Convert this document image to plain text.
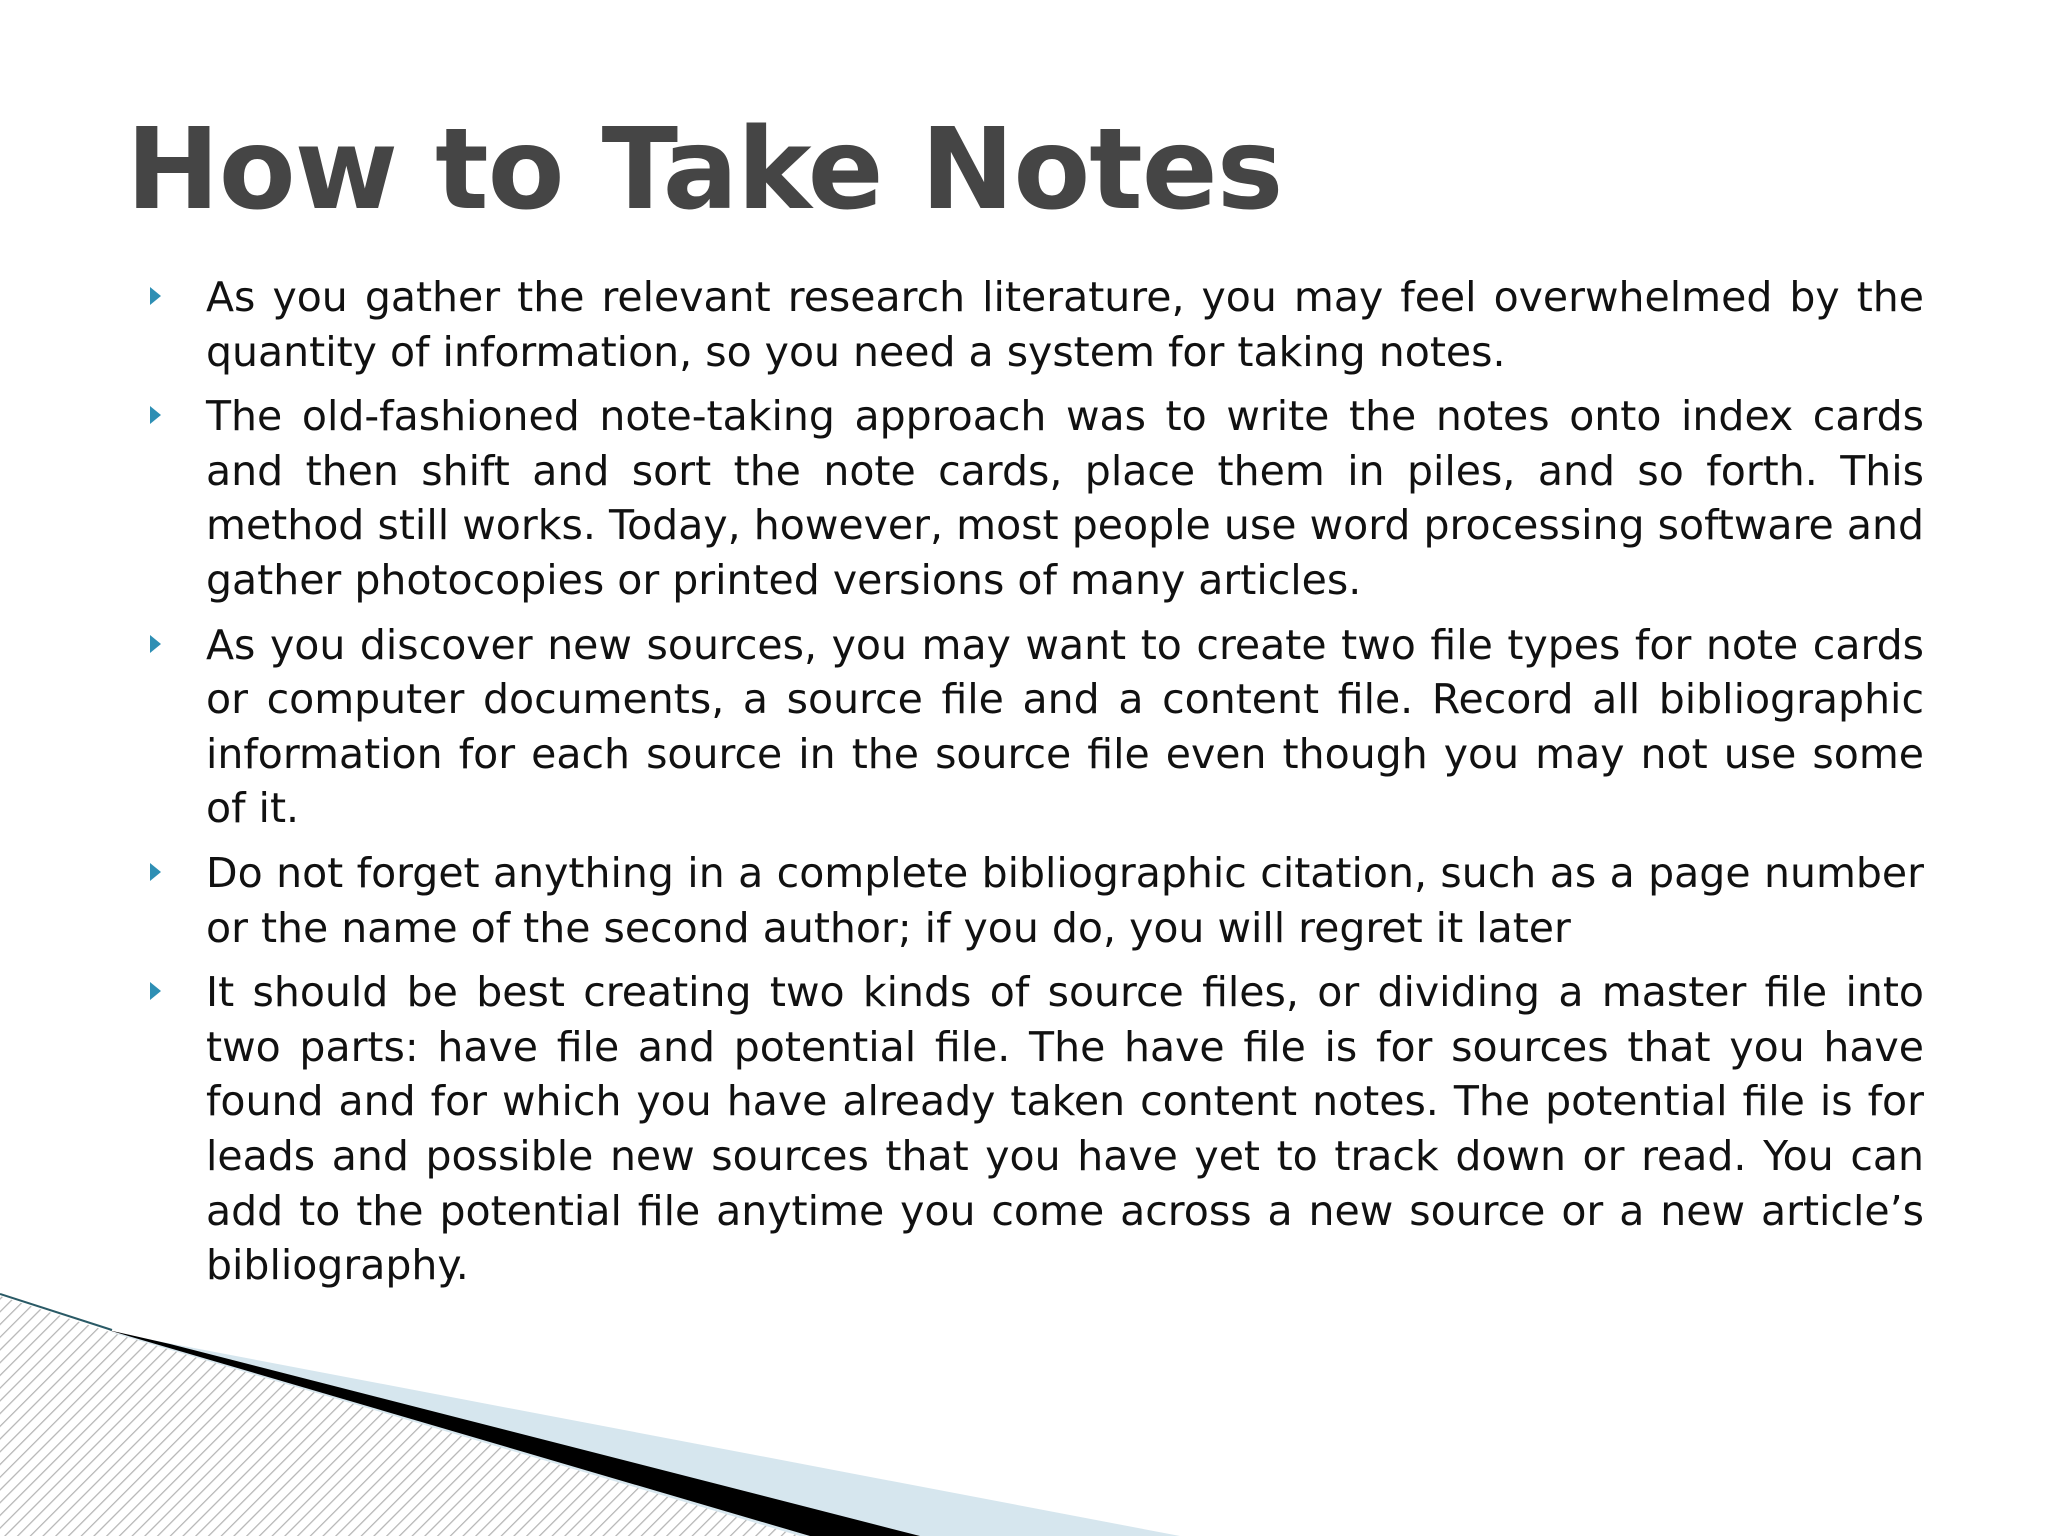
How to Take Notes
As you gather the relevant research literature, you may feel overwhelmed by the quantity of information, so you need a system for taking notes.
The old-fashioned note-taking approach was to write the notes onto index cards and then shift and sort the note cards, place them in piles, and so forth. This method still works. Today, however, most people use word processing software and gather photocopies or printed versions of many articles.
As you discover new sources, you may want to create two file types for note cards or computer documents, a source file and a content file. Record all bibliographic information for each source in the source file even though you may not use some of it.
Do not forget anything in a complete bibliographic citation, such as a page number or the name of the second author; if you do, you will regret it later
It should be best creating two kinds of source files, or dividing a master file into two parts: have file and potential file. The have file is for sources that you have found and for which you have already taken content notes. The potential file is for leads and possible new sources that you have yet to track down or read. You can add to the potential file anytime you come across a new source or a new article’s bibliography.
